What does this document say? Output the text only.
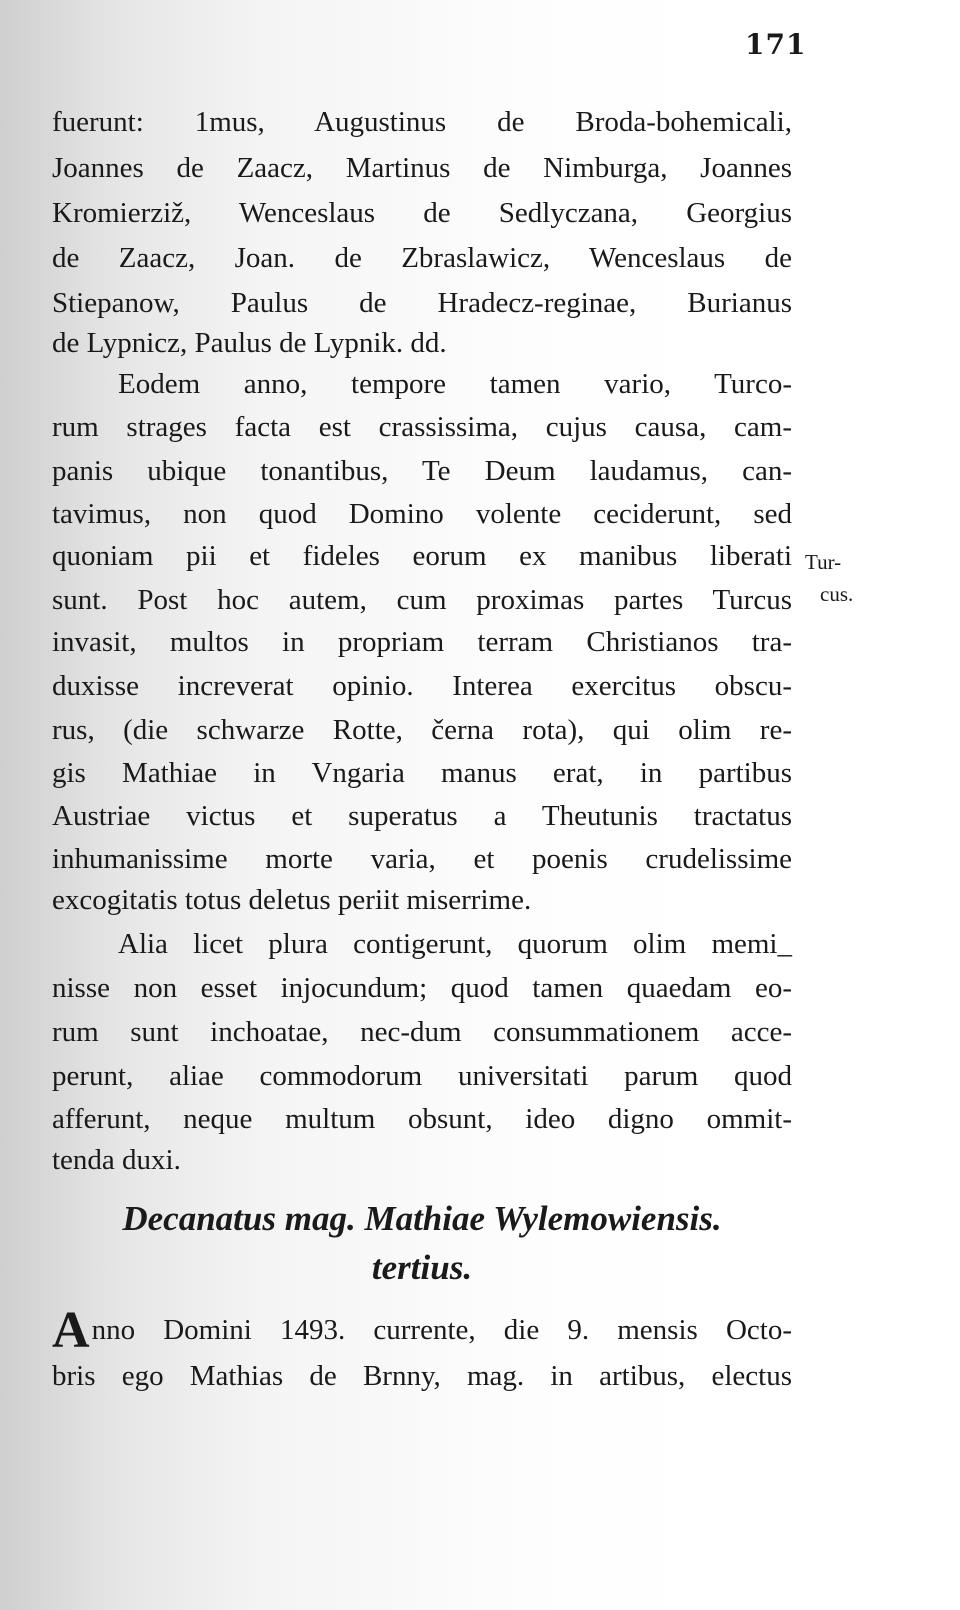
171
fuerunt: 1mus, Augustinus de Broda-bohemicali,
Joannes de Zaacz, Martinus de Nimburga, Joannes
Kromierziž, Wenceslaus de Sedlyczana, Georgius
de Zaacz, Joan. de Zbraslawicz, Wenceslaus de
Stiepanow, Paulus de Hradecz-reginae, Burianus
de Lypnicz, Paulus de Lypnik. dd.
Eodem anno, tempore tamen vario, Turco-
rum strages facta est crassissima, cujus causa, cam-
panis ubique tonantibus, Te Deum laudamus, can-
tavimus, non quod Domino volente ceciderunt, sed
quoniam pii et fideles eorum ex manibus liberati
sunt. Post hoc autem, cum proximas partes Turcus
invasit, multos in propriam terram Christianos tra-
duxisse increverat opinio. Interea exercitus obscu-
rus, (die schwarze Rotte, černa rota), qui olim re-
gis Mathiae in Vngaria manus erat, in partibus
Austriae victus et superatus a Theutunis tractatus
inhumanissime morte varia, et poenis crudelissime
excogitatis totus deletus periit miserrime.
Tur-
cus.
Alia licet plura contigerunt, quorum olim memi_
nisse non esset injocundum; quod tamen quaedam eo-
rum sunt inchoatae, nec-dum consummationem acce-
perunt, aliae commodorum universitati parum quod
afferunt, neque multum obsunt, ideo digno ommit-
tenda duxi.
Decanatus mag. Mathiae Wylemowiensis.
tertius.
Anno Domini 1493. currente, die 9. mensis Octo-
bris ego Mathias de Brnny, mag. in artibus, electus
